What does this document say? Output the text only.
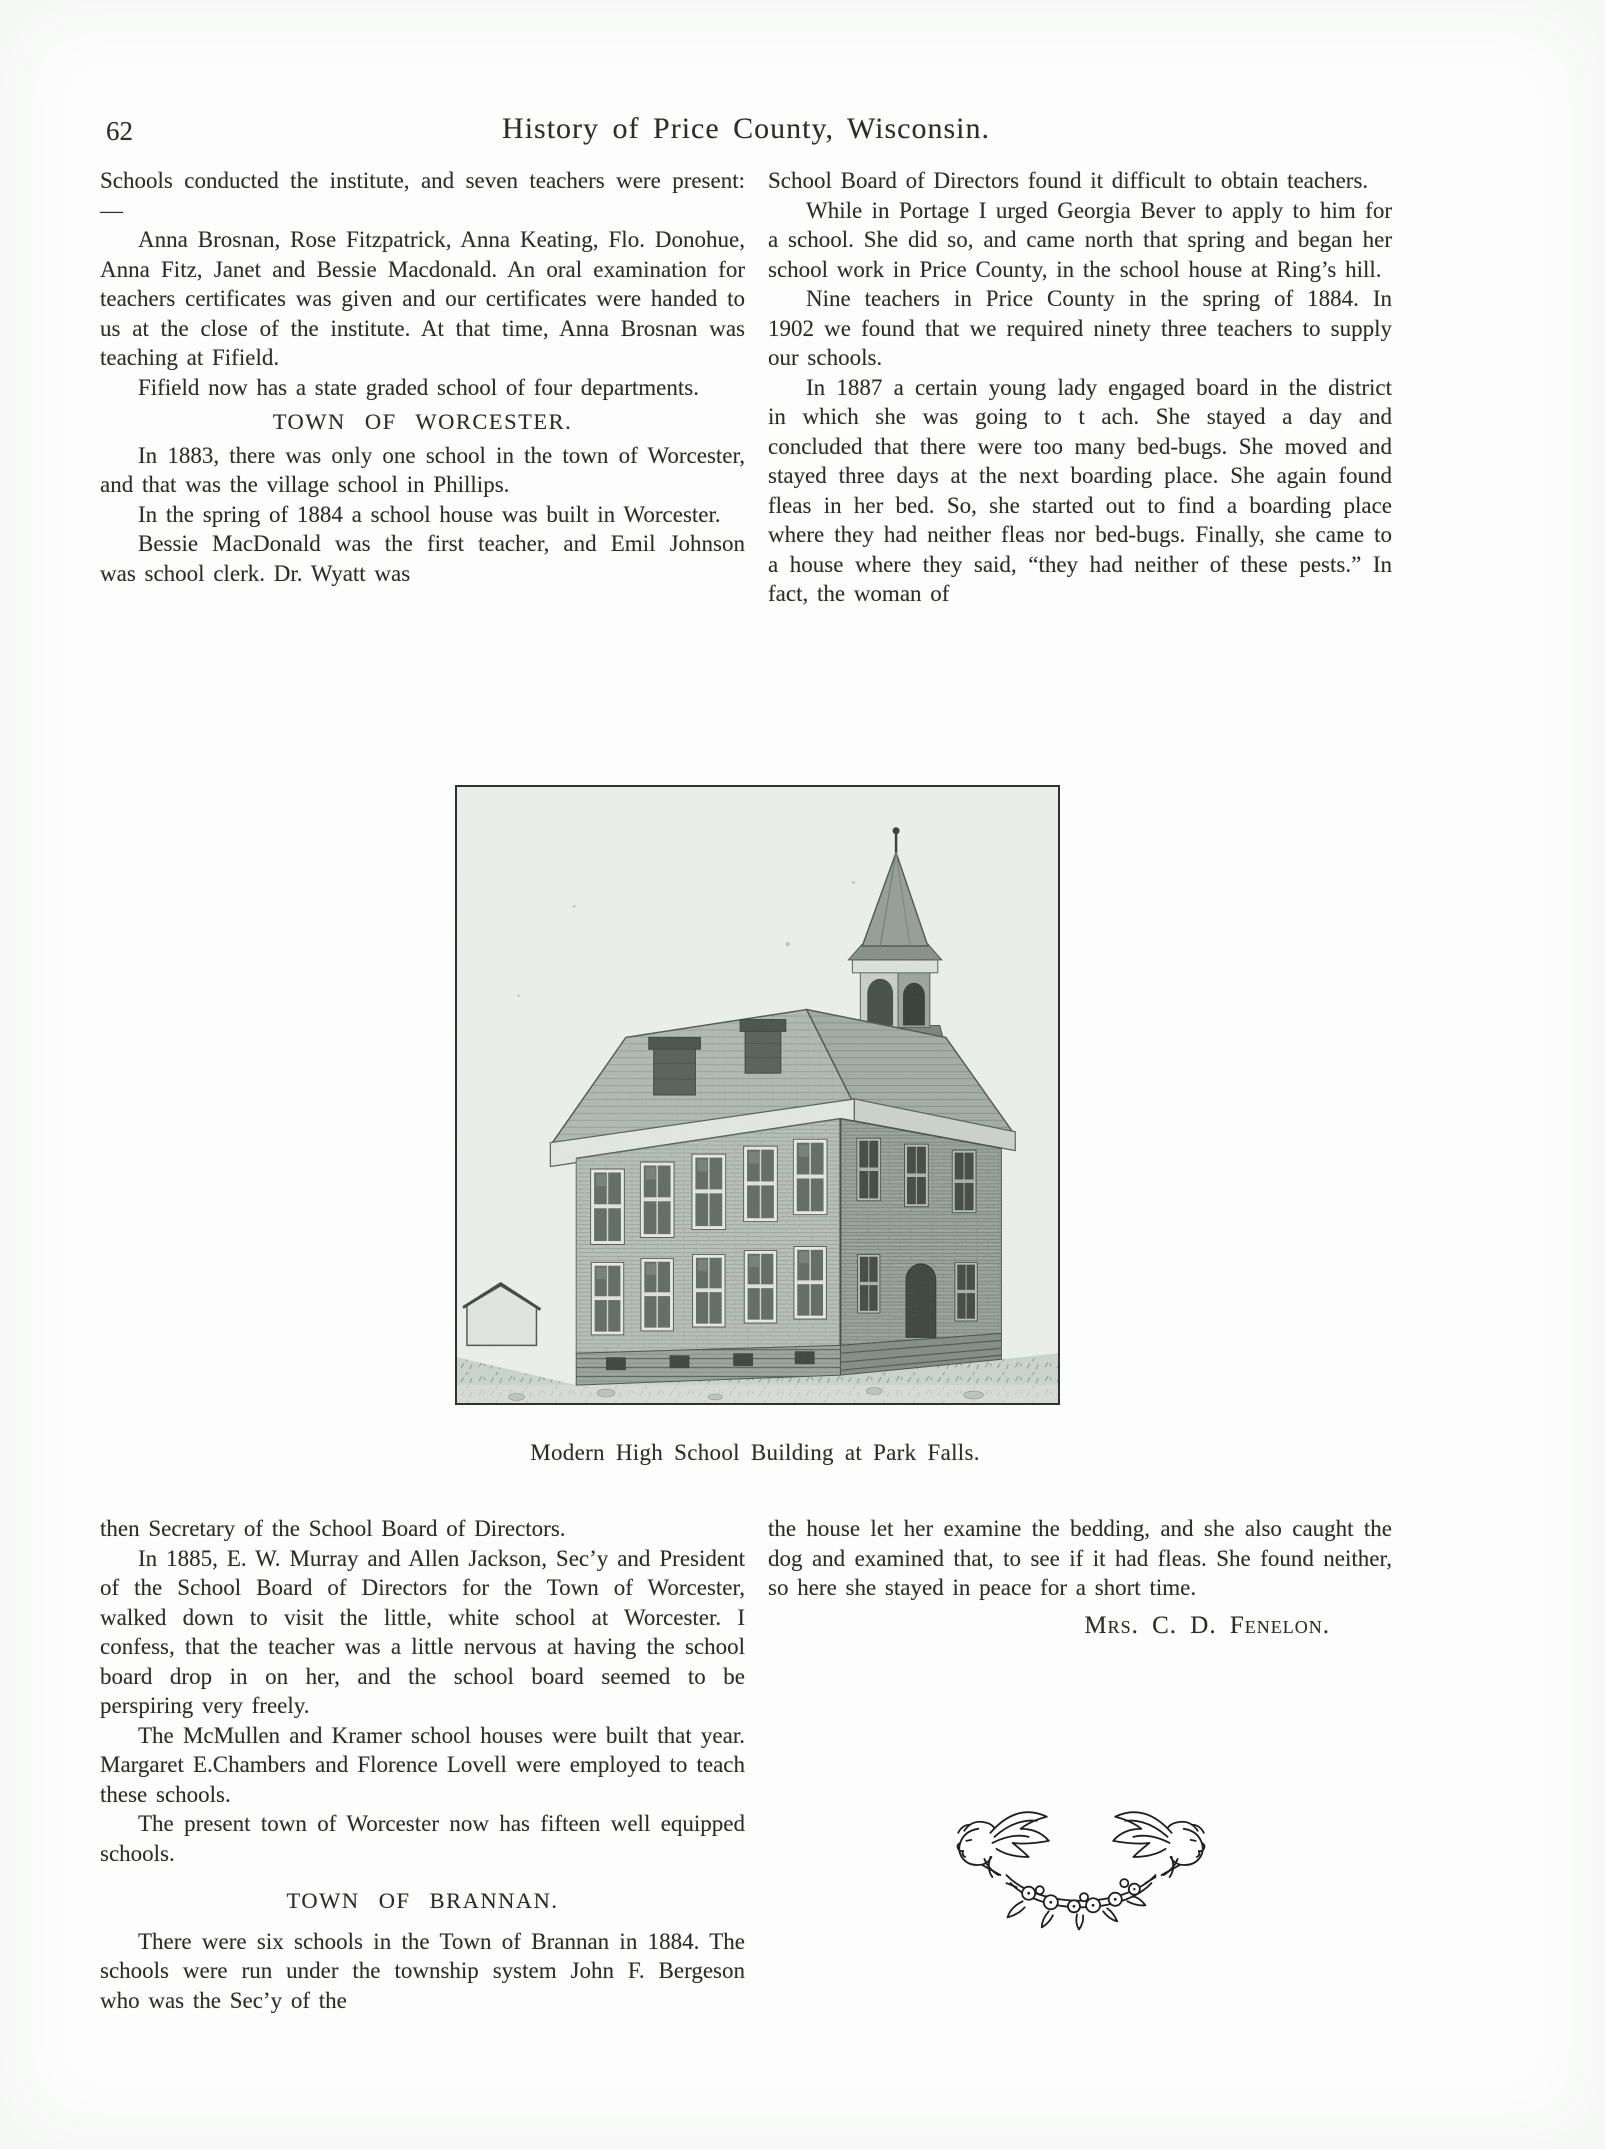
62	History of Price County, Wisconsin.

Schools conducted the institute, and seven teachers were present:—

Anna Brosnan, Rose Fitzpatrick, Anna Keating, Flo. Donohue, Anna Fitz, Janet and Bessie Macdonald. An oral examination for teachers certificates was given and our certificates were handed to us at the close of the institute. At that time, Anna Brosnan was teaching at Fifield.

Fifield now has a state graded school of four departments.

TOWN OF WORCESTER.

In 1883, there was only one school in the town of Worcester, and that was the village school in Phillips.

In the spring of 1884 a school house was built in Worcester.

Bessie MacDonald was the first teacher, and Emil Johnson was school clerk. Dr. Wyatt was

School Board of Directors found it difficult to obtain teachers.

While in Portage I urged Georgia Bever to apply to him for a school. She did so, and came north that spring and began her school work in Price County, in the school house at Ring’s hill.

Nine teachers in Price County in the spring of 1884. In 1902 we found that we required ninety three teachers to supply our schools.

In 1887 a certain young lady engaged board in the district in which she was going to t ach. She stayed a day and concluded that there were too many bed-bugs. She moved and stayed three days at the next boarding place. She again found fleas in her bed. So, she started out to find a boarding place where they had neither fleas nor bed-bugs. Finally, she came to a house where they said, “they had neither of these pests.” In fact, the woman of

Modern High School Building at Park Falls.

then Secretary of the School Board of Directors.

In 1885, E. W. Murray and Allen Jackson, Sec’y and President of the School Board of Directors for the Town of Worcester, walked down to visit the little, white school at Worcester. I confess, that the teacher was a little nervous at having the school board drop in on her, and the school board seemed to be perspiring very freely.

The McMullen and Kramer school houses were built that year. Margaret E.Chambers and Florence Lovell were employed to teach these schools.

The present town of Worcester now has fifteen well equipped schools.

TOWN OF BRANNAN.

There were six schools in the Town of Brannan in 1884. The schools were run under the township system John F. Bergeson who was the Sec’y of the

the house let her examine the bedding, and she also caught the dog and examined that, to see if it had fleas. She found neither, so here she stayed in peace for a short time.

Mrs. C. D. Fenelon.
